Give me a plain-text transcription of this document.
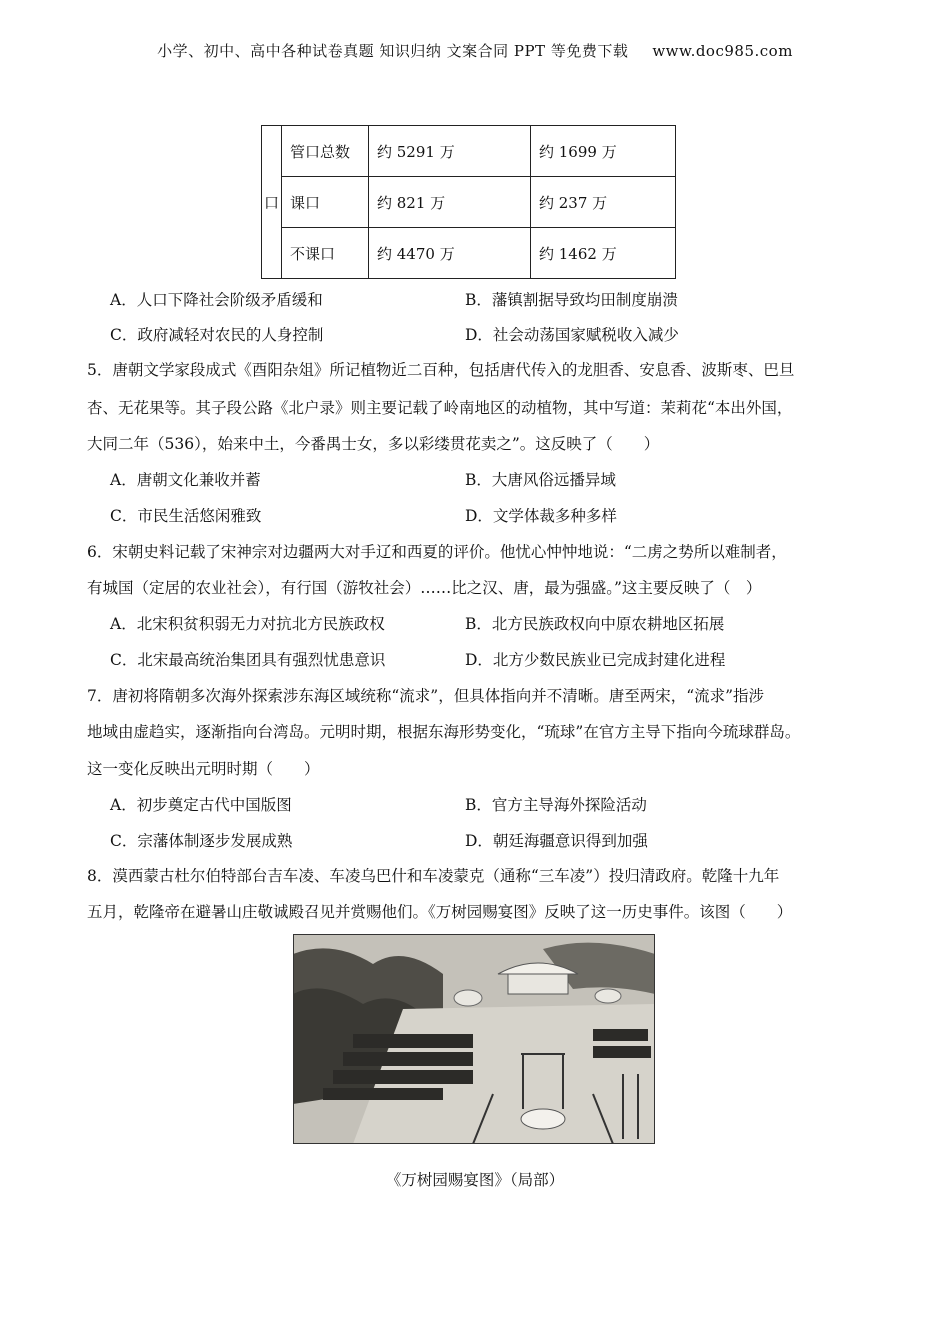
小学、初中、高中各种试卷真题 知识归纳 文案合同 PPT 等免费下载 www.doc985.com
口	管口总数	约 5291 万	约 1699 万
	课口	约 821 万	约 237 万
	不课口	约 4470 万	约 1462 万
A．人口下降社会阶级矛盾缓和	B．藩镇割据导致均田制度崩溃
C．政府减轻对农民的人身控制	D．社会动荡国家赋税收入减少
5．唐朝文学家段成式《酉阳杂俎》所记植物近二百种，包括唐代传入的龙胆香、安息香、波斯枣、巴旦
杏、无花果等。其子段公路《北户录》则主要记载了岭南地区的动植物，其中写道：茉莉花“本出外国，
大同二年（536），始来中土，今番禺士女，多以彩缕贯花卖之”。这反映了（　　）
A．唐朝文化兼收并蓄	B．大唐风俗远播异域
C．市民生活悠闲雅致	D．文学体裁多种多样
6．宋朝史料记载了宋神宗对边疆两大对手辽和西夏的评价。他忧心忡忡地说：“二虏之势所以难制者，
有城国（定居的农业社会），有行国（游牧社会）……比之汉、唐，最为强盛。”这主要反映了（　）
A．北宋积贫积弱无力对抗北方民族政权	B．北方民族政权向中原农耕地区拓展
C．北宋最高统治集团具有强烈忧患意识	D．北方少数民族业已完成封建化进程
7．唐初将隋朝多次海外探索涉东海区域统称“流求”，但具体指向并不清晰。唐至两宋，“流求”指涉
地域由虚趋实，逐渐指向台湾岛。元明时期，根据东海形势变化，“琉球”在官方主导下指向今琉球群岛。
这一变化反映出元明时期（　　）
A．初步奠定古代中国版图	B．官方主导海外探险活动
C．宗藩体制逐步发展成熟	D．朝廷海疆意识得到加强
8．漠西蒙古杜尔伯特部台吉车凌、车凌乌巴什和车凌蒙克（通称“三车凌”）投归清政府。乾隆十九年
五月，乾隆帝在避暑山庄敬诚殿召见并赏赐他们。《万树园赐宴图》反映了这一历史事件。该图（　　）
《万树园赐宴图》（局部）
